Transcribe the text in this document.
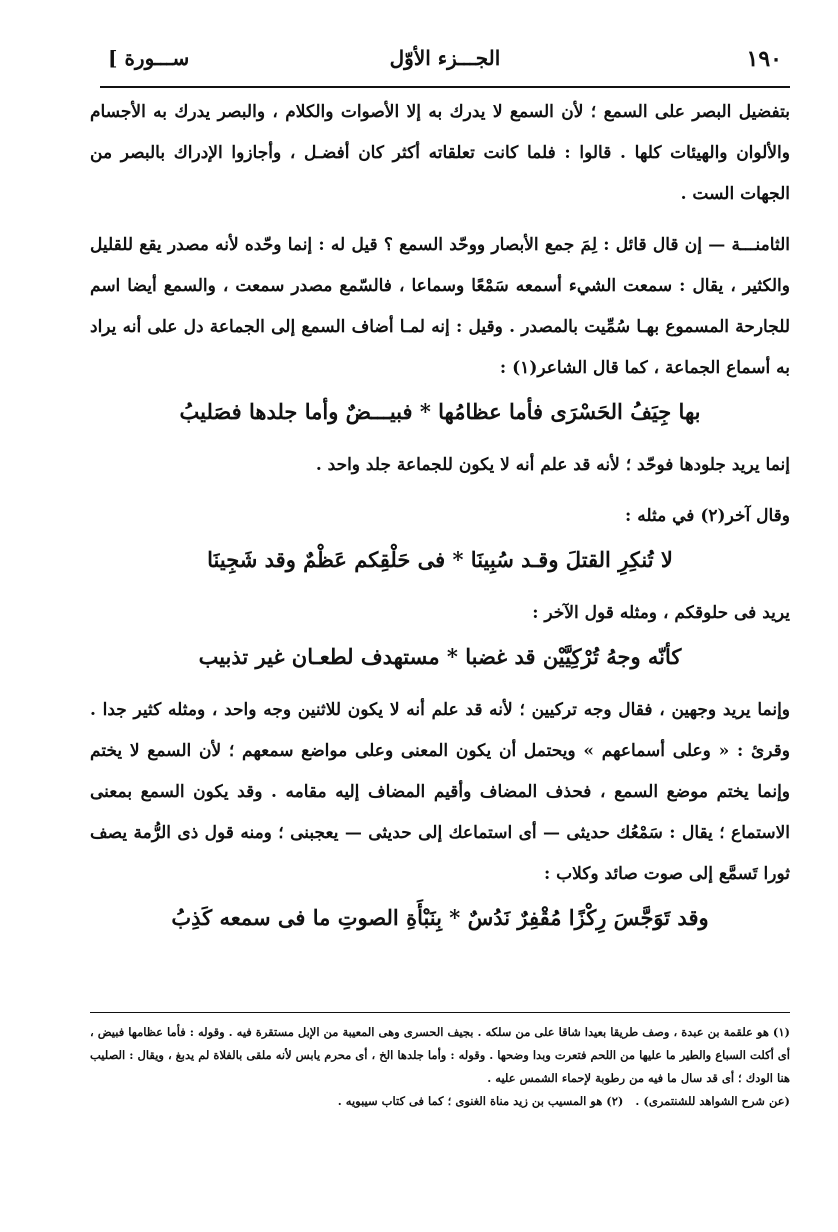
[ ســـورة	الجـــزء الأوّل	١٩٠

بتفضيل البصر على السمع ؛ لأن السمع لا يدرك به إلا الأصوات والكلام ، والبصر يدرك به الأجسام والألوان والهيئات كلها . قالوا : فلما كانت تعلقاته أكثر كان أفضـل ، وأجازوا الإدراك بالبصر من الجهات الست .

الثامنـــة — إن قال قائل : لِمَ جمع الأبصار ووحّد السمع ؟ قيل له : إنما وحّده لأنه مصدر يقع للقليل والكثير ، يقال : سمعت الشيء أسمعه سَمْعًا وسماعا ، فالسّمع مصدر سمعت ، والسمع أيضا اسم للجارحة المسموع بهـا سُمِّيت بالمصدر . وقيل : إنه لمـا أضاف السمع إلى الجماعة دل على أنه يراد به أسماع الجماعة ، كما قال الشاعر(١) :

بها جِيَفُ الحَسْرَى فأما عظامُها * فبيـــضٌ وأما جلدها فصَليبُ

إنما يريد جلودها فوحّد ؛ لأنه قد علم أنه لا يكون للجماعة جلد واحد .

وقال آخر(٢) في مثله :

لا تُنكِرِ القتلَ وقـد سُبِينَا * فى حَلْقِكم عَظْمٌ وقد شَجِينَا

يريد فى حلوقكم ، ومثله قول الآخر :

كأنّه وجهُ تُرْكِيَّيْن قد غضبا * مستهدف لطعـان غير تذبيب

وإنما يريد وجهين ، فقال وجه تركيين ؛ لأنه قد علم أنه لا يكون للاثنين وجه واحد ، ومثله كثير جدا . وقرئ : « وعلى أسماعهم » ويحتمل أن يكون المعنى وعلى مواضع سمعهم ؛ لأن السمع لا يختم وإنما يختم موضع السمع ، فحذف المضاف وأقيم المضاف إليه مقامه . وقد يكون السمع بمعنى الاستماع ؛ يقال : سَمْعُك حديثى — أى استماعك إلى حديثى — يعجبنى ؛ ومنه قول ذى الرُّمة يصف ثورا تَسمَّع إلى صوت صائد وكلاب :

وقد تَوَجَّسَ رِكْزًا مُقْفِرٌ نَدُسٌ * بِنَبْأَةِ الصوتِ ما فى سمعه كَذِبُ

(١) هو علقمة بن عبدة ، وصف طريقا بعيدا شاقا على من سلكه . بجيف الحسرى وهى المعيبة من الإبل مستقرة فيه . وقوله : فأما عظامها فبيض ، أى أكلت السباع والطير ما عليها من اللحم فتعرت وبدا وضحها . وقوله : وأما جلدها الخ ، أى محرم يابس لأنه ملقى بالفلاة لم يدبغ ، ويقال : الصليب هنا الودك ؛ أى قد سال ما فيه من رطوبة لإحماء الشمس عليه .

(عن شرح الشواهد للشنتمرى) .   (٢) هو المسيب بن زيد مناة الغنوى ؛ كما فى كتاب سيبويه .
